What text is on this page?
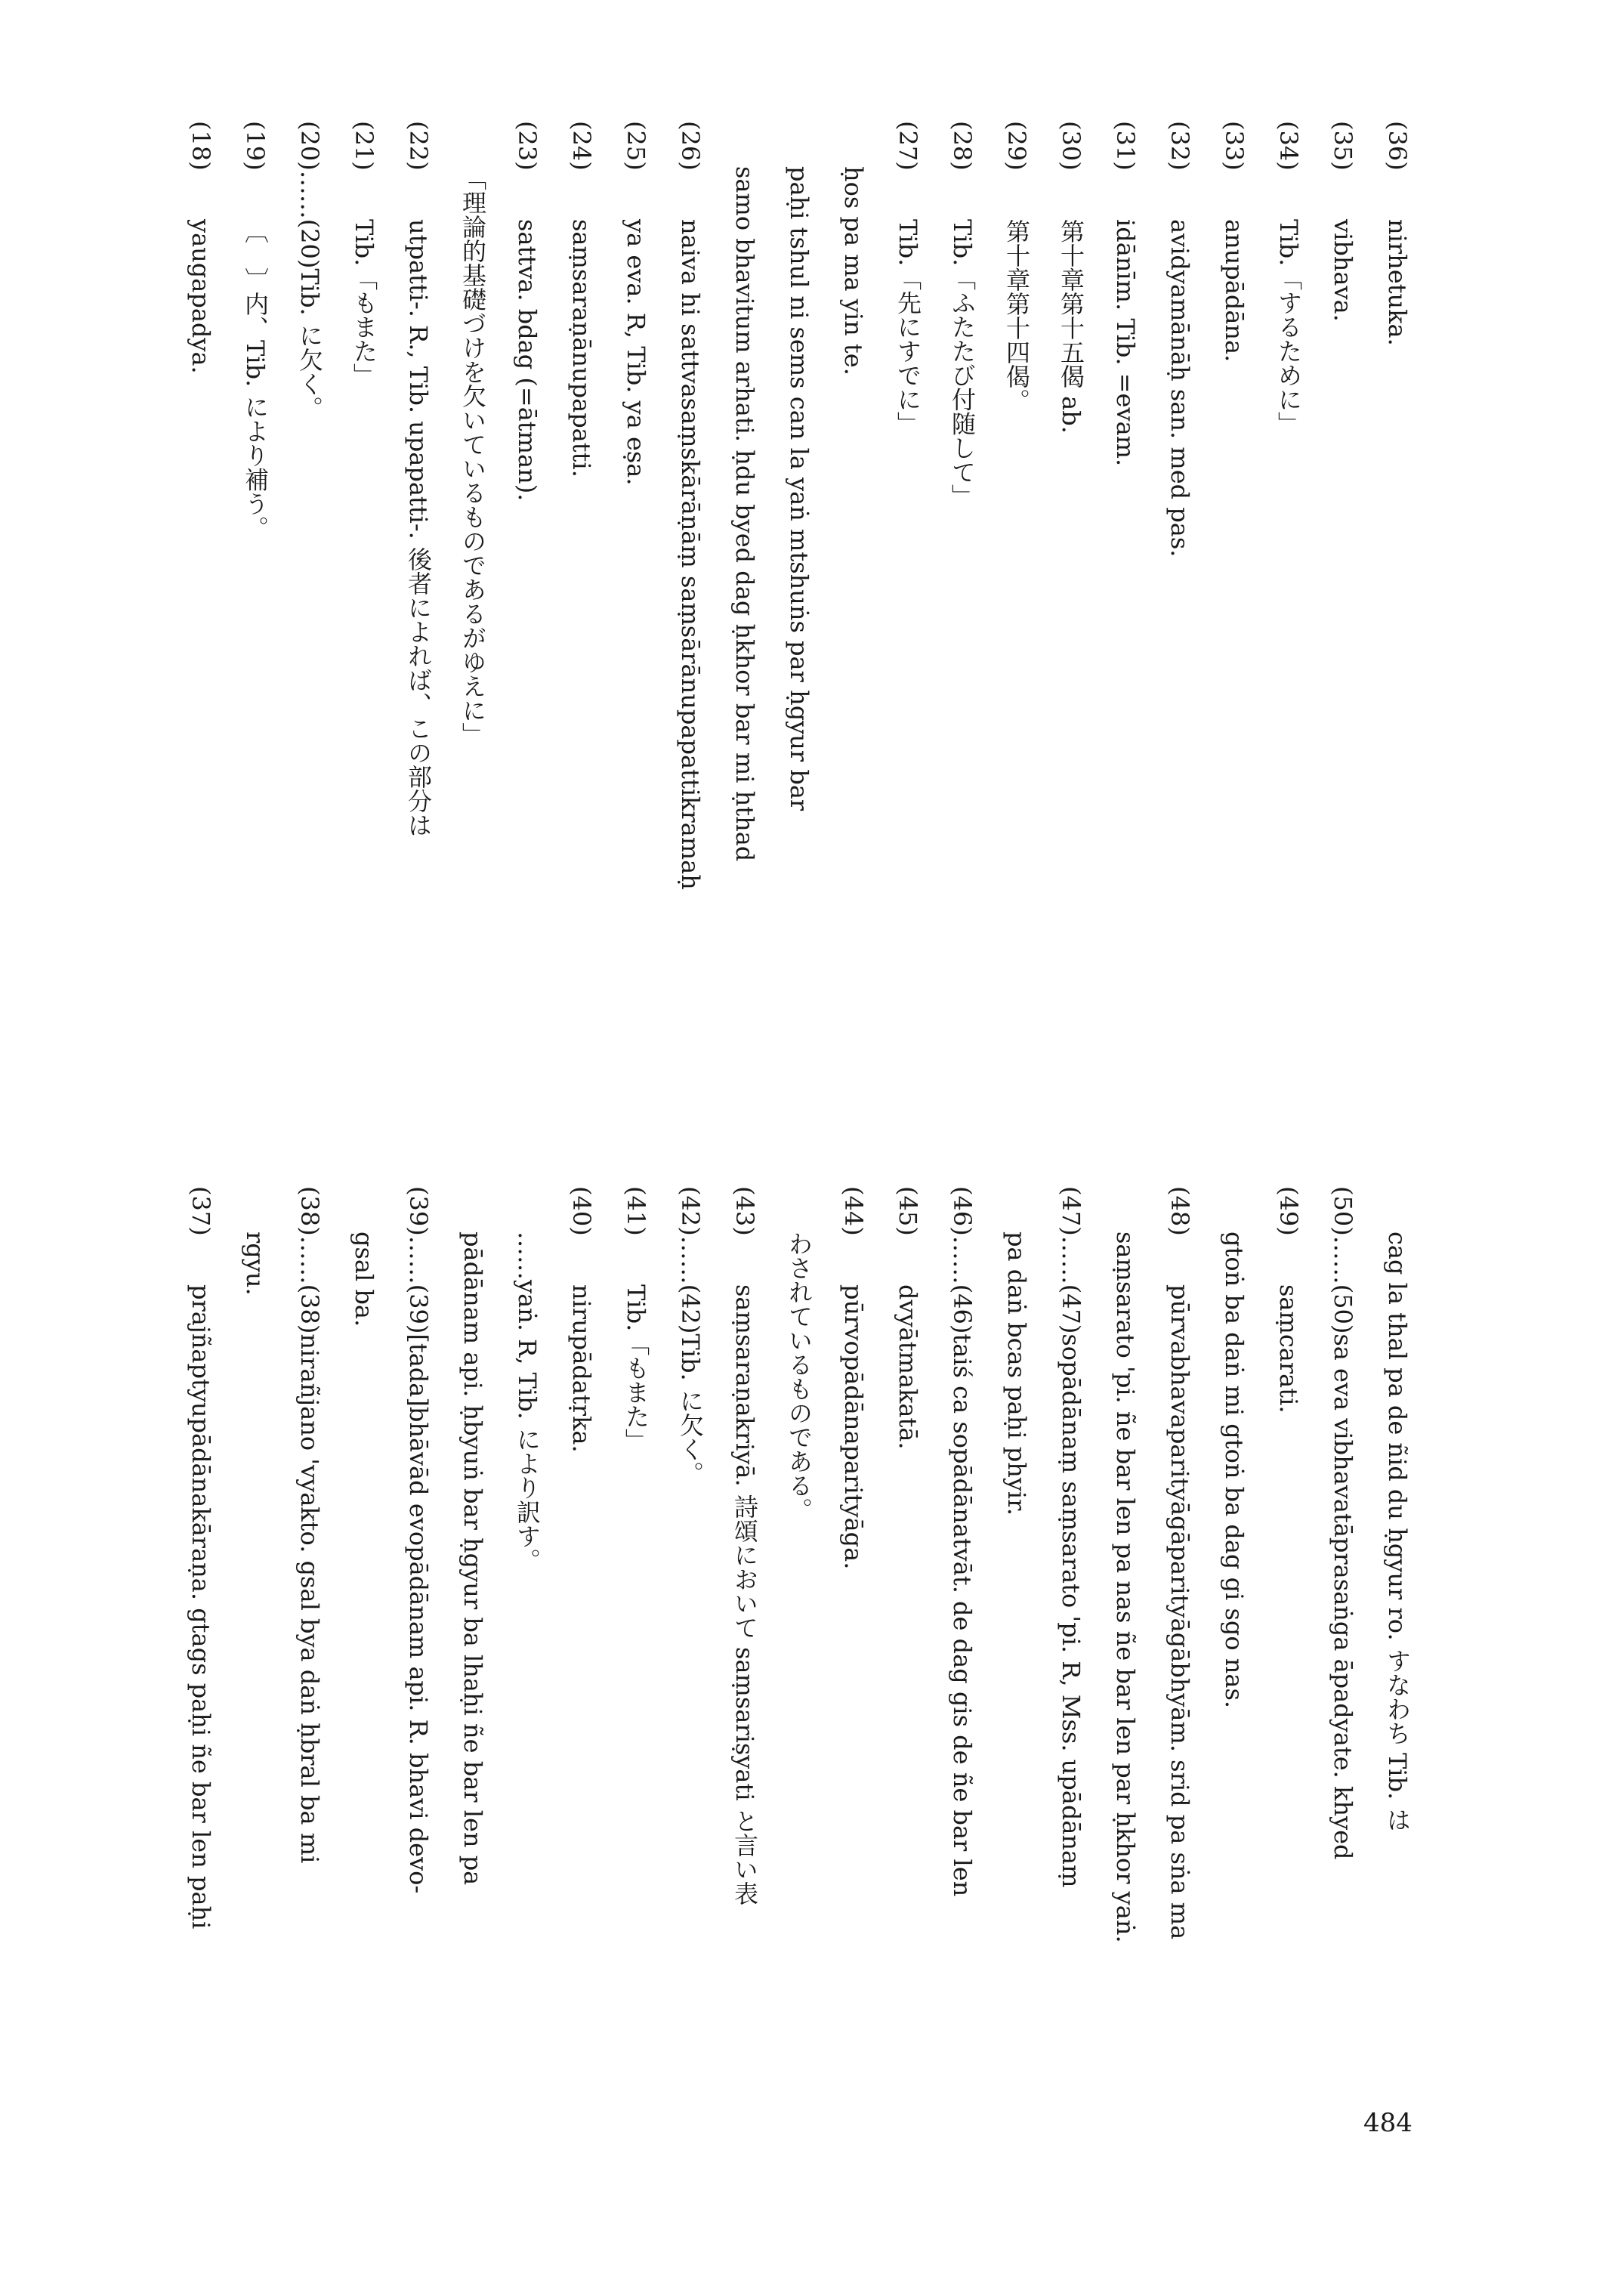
(37)prajñaptyupādānakāraṇa. gtags paḥi ñe bar len paḥi
rgyu.	(38)……(38)nirañjano 'vyakto. gsal bya daṅ ḥbral ba mi
gsal ba.	(39)……(39)[tada]bhāvād evopādānam api. R. bhavi devo-	pādānam api. ḥbyuṅ bar ḥgyur ba lhaḥi ñe bar len pa	……yaṅ. R, Tib. により訳す。
(40)nirupādatṛka.
(41)Tib.「もまた」
(42)……(42)Tib. に欠く。
(43)saṃsaraṇakriyā. 詩頌において saṃsariṣyati と言い表	わされているものである。
(44)pūrvopādānaparityāga.
(45)dvyātmakatā.
(46)……(46)taiś ca sopādānatvāt. de dag gis de ñe bar len	pa daṅ bcas paḥi phyir.	(47)……(47)sopādānaṃ saṃsarato 'pi. R, Mss. upādānaṃ	saṃsarato 'pi. ñe bar len pa nas ñe bar len par ḥkhor yaṅ.
(48)pūrvabhavaparityāgāparityāgābhyām. srid pa sṅa ma	gtoṅ ba daṅ mi gtoṅ ba dag gi sgo nas.
(49)saṃcarati.
(50)……(50)sa eva vibhavatāprasaṅga āpadyate. khyed	cag la thal pa de ñid du ḥgyur ro. すなわち Tib. は
(18)yaugapadya.
(19)〔　〕内、Tib. により補う。
(20)……(20)Tib. に欠く。
(21)Tib.「もまた」
(22)utpatti-. R., Tib. upapatti-. 後者によれば、この部分は	「理論的基礎づけを欠いているものであるがゆえに」
(23)sattva. bdag (=ātman).
(24)saṃsaraṇānupapatti.
(25)ya eva. R, Tib. ya eṣa.
(26)naiva hi sattvasaṃskārāṇāṃ saṃsārānupapattikramaḥ	samo bhavitum arhati. ḥdu byed dag ḥkhor bar mi ḥthad	paḥi tshul ni sems can la yaṅ mtshuṅs par ḥgyur bar	ḥos pa ma yin te.
(27)Tib.「先にすでに」
(28)Tib.「ふたたび付随して」
(29)第十章第十四偈。
(30)第十章第十五偈 ab.
(31)idānīm. Tib. =evam.
(32)avidyamānāḥ san. med pas.
(33)anupādāna.
(34)Tib.「するために」
(35)vibhava.
(36)nirhetuka.
484
